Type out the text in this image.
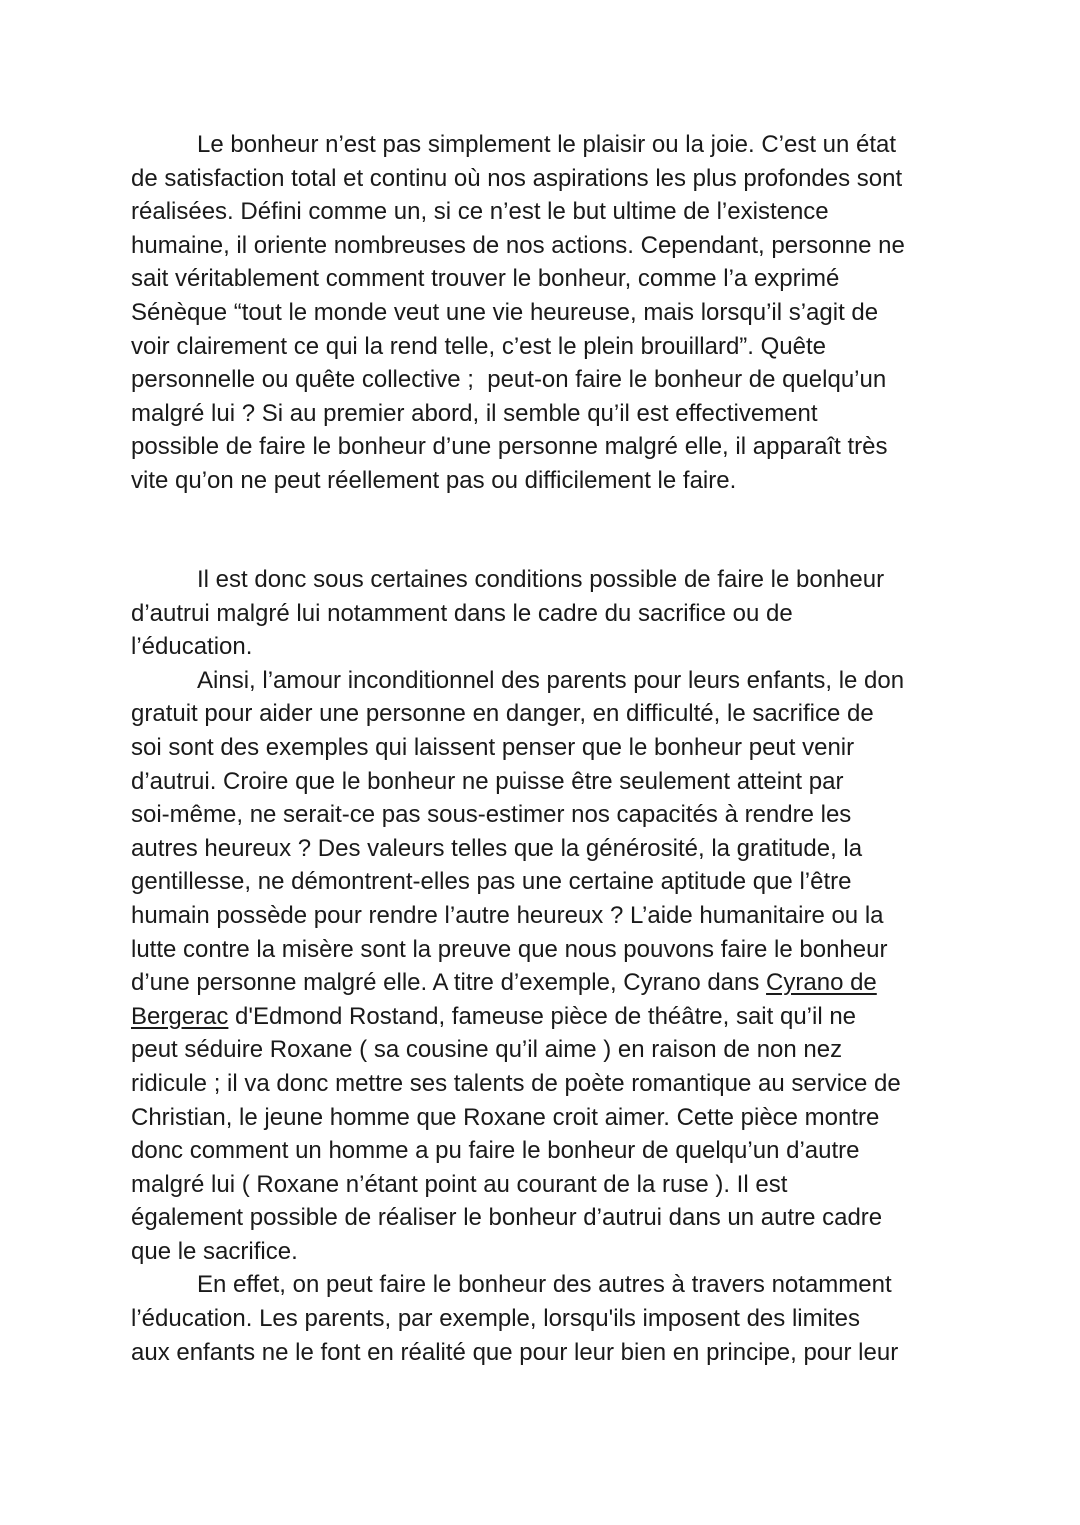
Le bonheur n’est pas simplement le plaisir ou la joie. C’est un état
de satisfaction total et continu où nos aspirations les plus profondes sont
réalisées. Défini comme un, si ce n’est le but ultime de l’existence
humaine, il oriente nombreuses de nos actions. Cependant, personne ne
sait véritablement comment trouver le bonheur, comme l’a exprimé
Sénèque “tout le monde veut une vie heureuse, mais lorsqu’il s’agit de
voir clairement ce qui la rend telle, c’est le plein brouillard”. Quête
personnelle ou quête collective ;  peut-on faire le bonheur de quelqu’un
malgré lui ? Si au premier abord, il semble qu’il est effectivement
possible de faire le bonheur d’une personne malgré elle, il apparaît très
vite qu’on ne peut réellement pas ou difficilement le faire.
Il est donc sous certaines conditions possible de faire le bonheur
d’autrui malgré lui notamment dans le cadre du sacrifice ou de
l’éducation.
Ainsi, l’amour inconditionnel des parents pour leurs enfants, le don
gratuit pour aider une personne en danger, en difficulté, le sacrifice de
soi sont des exemples qui laissent penser que le bonheur peut venir
d’autrui. Croire que le bonheur ne puisse être seulement atteint par
soi-même, ne serait-ce pas sous-estimer nos capacités à rendre les
autres heureux ? Des valeurs telles que la générosité, la gratitude, la
gentillesse, ne démontrent-elles pas une certaine aptitude que l’être
humain possède pour rendre l’autre heureux ? L’aide humanitaire ou la
lutte contre la misère sont la preuve que nous pouvons faire le bonheur
d’une personne malgré elle. A titre d’exemple, Cyrano dans Cyrano de
Bergerac d'Edmond Rostand, fameuse pièce de théâtre, sait qu’il ne
peut séduire Roxane ( sa cousine qu’il aime ) en raison de non nez
ridicule ; il va donc mettre ses talents de poète romantique au service de
Christian, le jeune homme que Roxane croit aimer. Cette pièce montre
donc comment un homme a pu faire le bonheur de quelqu’un d’autre
malgré lui ( Roxane n’étant point au courant de la ruse ). Il est
également possible de réaliser le bonheur d’autrui dans un autre cadre
que le sacrifice.
En effet, on peut faire le bonheur des autres à travers notamment
l’éducation. Les parents, par exemple, lorsqu'ils imposent des limites
aux enfants ne le font en réalité que pour leur bien en principe, pour leur
